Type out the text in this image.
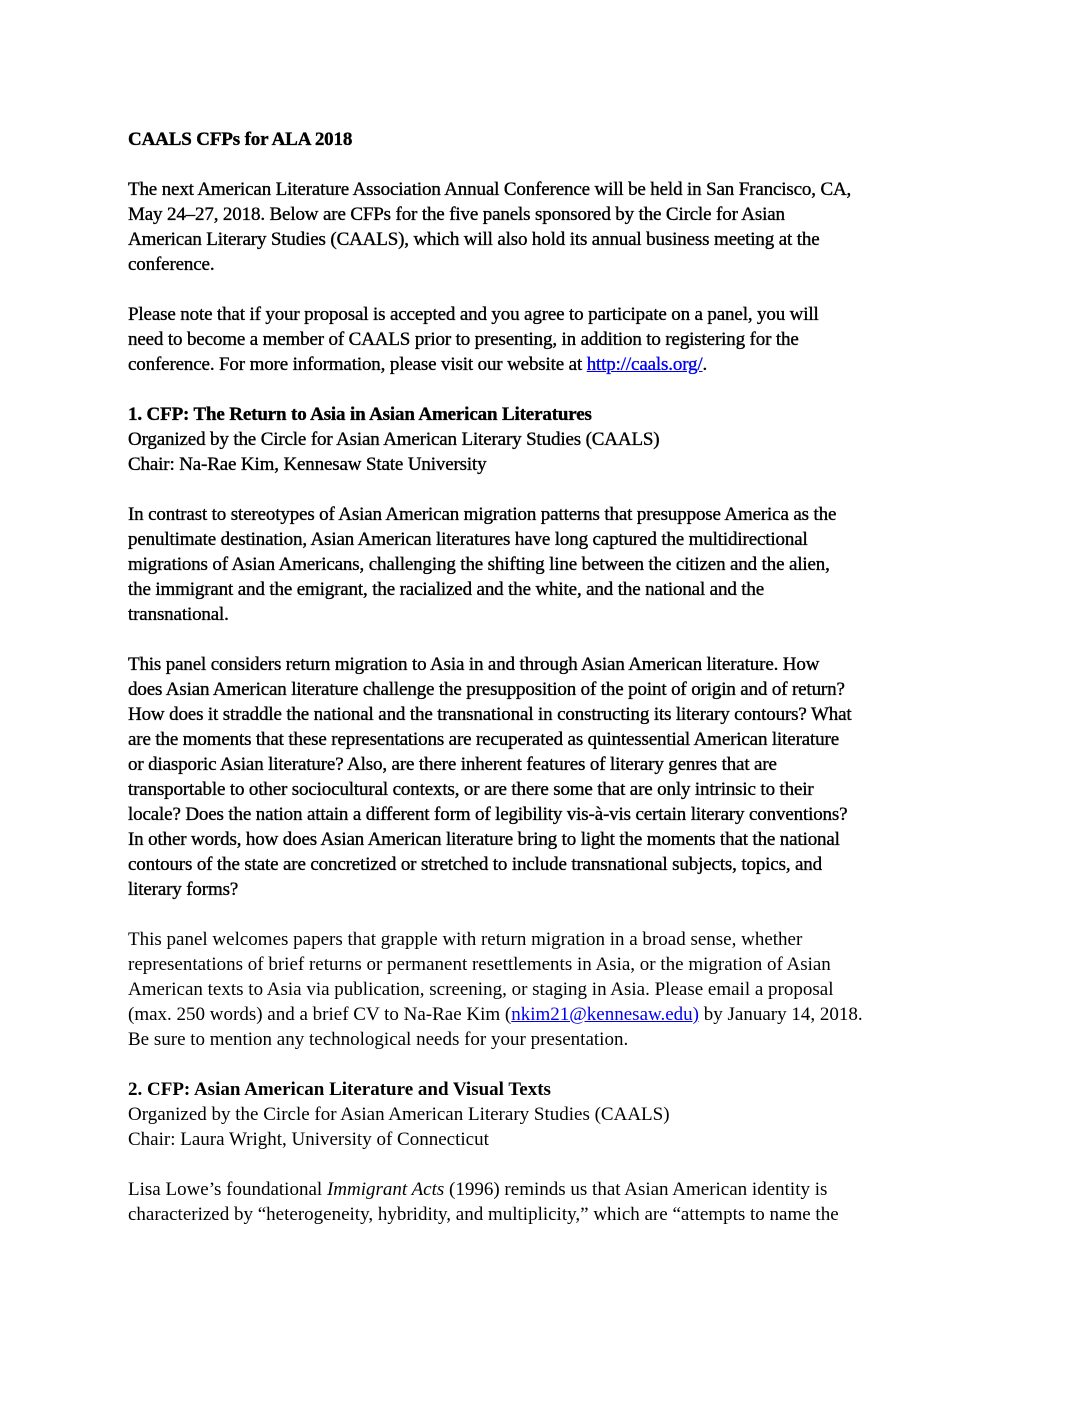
CAALS CFPs for ALA 2018
The next American Literature Association Annual Conference will be held in San Francisco, CA,
May 24–27, 2018. Below are CFPs for the five panels sponsored by the Circle for Asian
American Literary Studies (CAALS), which will also hold its annual business meeting at the
conference.
Please note that if your proposal is accepted and you agree to participate on a panel, you will
need to become a member of CAALS prior to presenting, in addition to registering for the
conference. For more information, please visit our website at http://caals.org/.
1. CFP: The Return to Asia in Asian American Literatures
Organized by the Circle for Asian American Literary Studies (CAALS)
Chair: Na-Rae Kim, Kennesaw State University
In contrast to stereotypes of Asian American migration patterns that presuppose America as the
penultimate destination, Asian American literatures have long captured the multidirectional
migrations of Asian Americans, challenging the shifting line between the citizen and the alien,
the immigrant and the emigrant, the racialized and the white, and the national and the
transnational.
This panel considers return migration to Asia in and through Asian American literature. How
does Asian American literature challenge the presupposition of the point of origin and of return?
How does it straddle the national and the transnational in constructing its literary contours? What
are the moments that these representations are recuperated as quintessential American literature
or diasporic Asian literature? Also, are there inherent features of literary genres that are
transportable to other sociocultural contexts, or are there some that are only intrinsic to their
locale? Does the nation attain a different form of legibility vis-à-vis certain literary conventions?
In other words, how does Asian American literature bring to light the moments that the national
contours of the state are concretized or stretched to include transnational subjects, topics, and
literary forms?
This panel welcomes papers that grapple with return migration in a broad sense, whether
representations of brief returns or permanent resettlements in Asia, or the migration of Asian
American texts to Asia via publication, screening, or staging in Asia. Please email a proposal
(max. 250 words) and a brief CV to Na-Rae Kim (nkim21@kennesaw.edu) by January 14, 2018.
Be sure to mention any technological needs for your presentation.
2. CFP: Asian American Literature and Visual Texts
Organized by the Circle for Asian American Literary Studies (CAALS)
Chair: Laura Wright, University of Connecticut
Lisa Lowe’s foundational Immigrant Acts (1996) reminds us that Asian American identity is
characterized by “heterogeneity, hybridity, and multiplicity,” which are “attempts to name the
